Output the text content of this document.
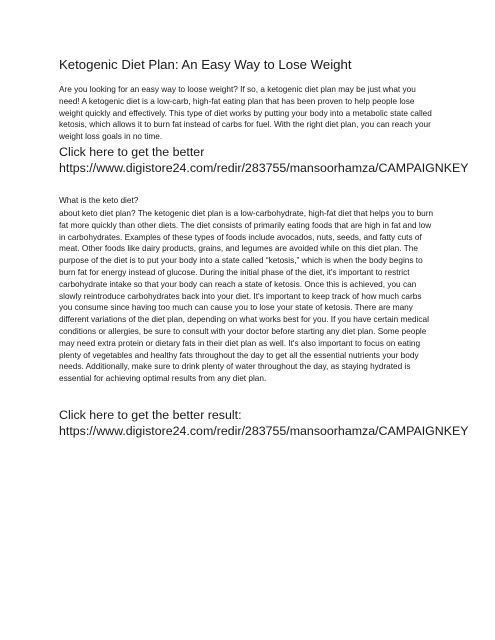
Ketogenic Diet Plan: An Easy Way to Lose Weight

Are you looking for an easy way to loose weight? If so, a ketogenic diet plan may be just what you need! A ketogenic diet is a low-carb, high-fat eating plan that has been proven to help people lose weight quickly and effectively. This type of diet works by putting your body into a metabolic state called ketosis, which allows it to burn fat instead of carbs for fuel. With the right diet plan, you can reach your weight loss goals in no time.

Click here to get the better
https://www.digistore24.com/redir/283755/mansoorhamza/CAMPAIGNKEY

What is the keto diet?

about keto diet plan? The ketogenic diet plan is a low-carbohydrate, high-fat diet that helps you to burn fat more quickly than other diets. The diet consists of primarily eating foods that are high in fat and low in carbohydrates. Examples of these types of foods include avocados, nuts, seeds, and fatty cuts of meat. Other foods like dairy products, grains, and legumes are avoided while on this diet plan. The purpose of the diet is to put your body into a state called “ketosis,” which is when the body begins to burn fat for energy instead of glucose. During the initial phase of the diet, it's important to restrict carbohydrate intake so that your body can reach a state of ketosis. Once this is achieved, you can slowly reintroduce carbohydrates back into your diet. It's important to keep track of how much carbs you consume since having too much can cause you to lose your state of ketosis. There are many different variations of the diet plan, depending on what works best for you. If you have certain medical conditions or allergies, be sure to consult with your doctor before starting any diet plan. Some people may need extra protein or dietary fats in their diet plan as well. It's also important to focus on eating plenty of vegetables and healthy fats throughout the day to get all the essential nutrients your body needs. Additionally, make sure to drink plenty of water throughout the day, as staying hydrated is essential for achieving optimal results from any diet plan.

Click here to get the better result:
https://www.digistore24.com/redir/283755/mansoorhamza/CAMPAIGNKEY
